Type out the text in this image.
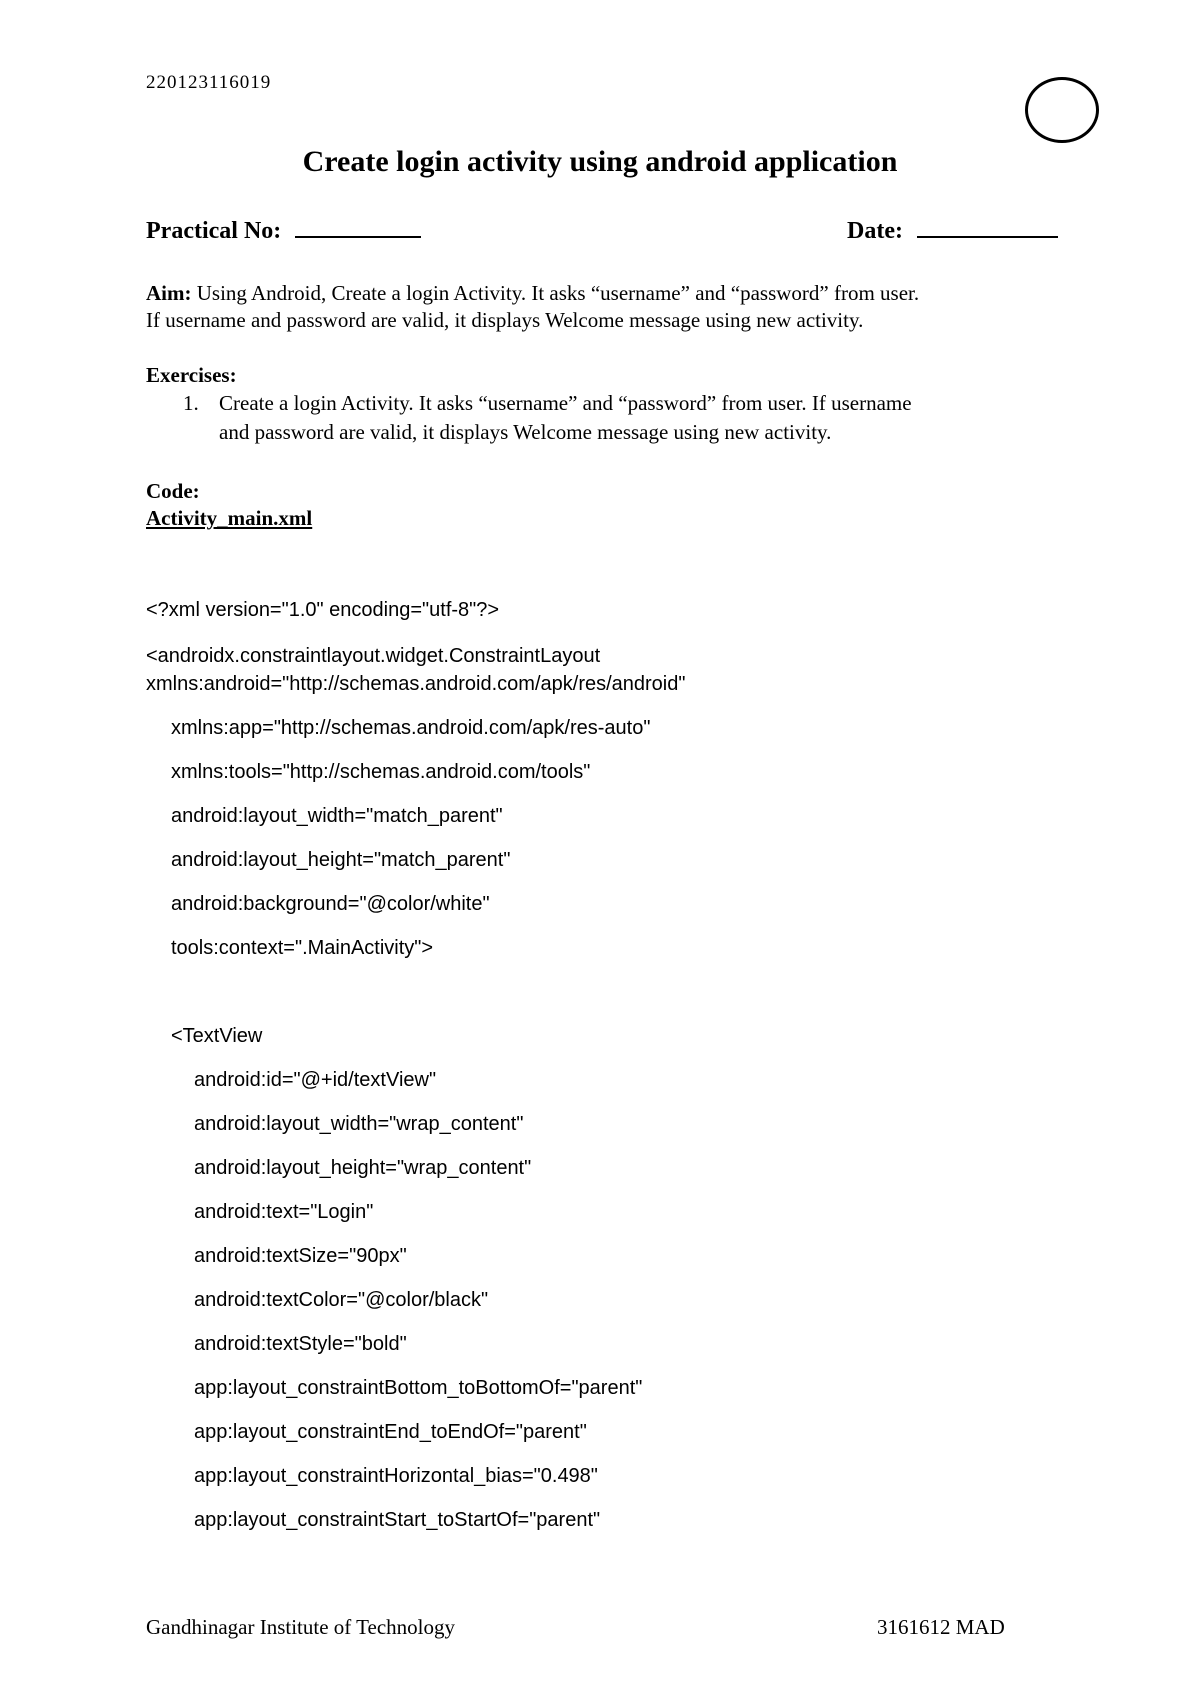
220123116019
Create login activity using android application
Practical No:	Date:
Aim: Using Android, Create a login Activity. It asks “username” and “password” from user.
If username and password are valid, it displays Welcome message using new activity.
Exercises:
1. Create a login Activity. It asks “username” and “password” from user. If username
and password are valid, it displays Welcome message using new activity.
Code:
Activity_main.xml
<?xml version="1.0" encoding="utf-8"?>
<androidx.constraintlayout.widget.ConstraintLayout
xmlns:android="http://schemas.android.com/apk/res/android"
xmlns:app="http://schemas.android.com/apk/res-auto"
xmlns:tools="http://schemas.android.com/tools"
android:layout_width="match_parent"
android:layout_height="match_parent"
android:background="@color/white"
tools:context=".MainActivity">
<TextView
android:id="@+id/textView"
android:layout_width="wrap_content"
android:layout_height="wrap_content"
android:text="Login"
android:textSize="90px"
android:textColor="@color/black"
android:textStyle="bold"
app:layout_constraintBottom_toBottomOf="parent"
app:layout_constraintEnd_toEndOf="parent"
app:layout_constraintHorizontal_bias="0.498"
app:layout_constraintStart_toStartOf="parent"
Gandhinagar Institute of Technology	3161612 MAD
